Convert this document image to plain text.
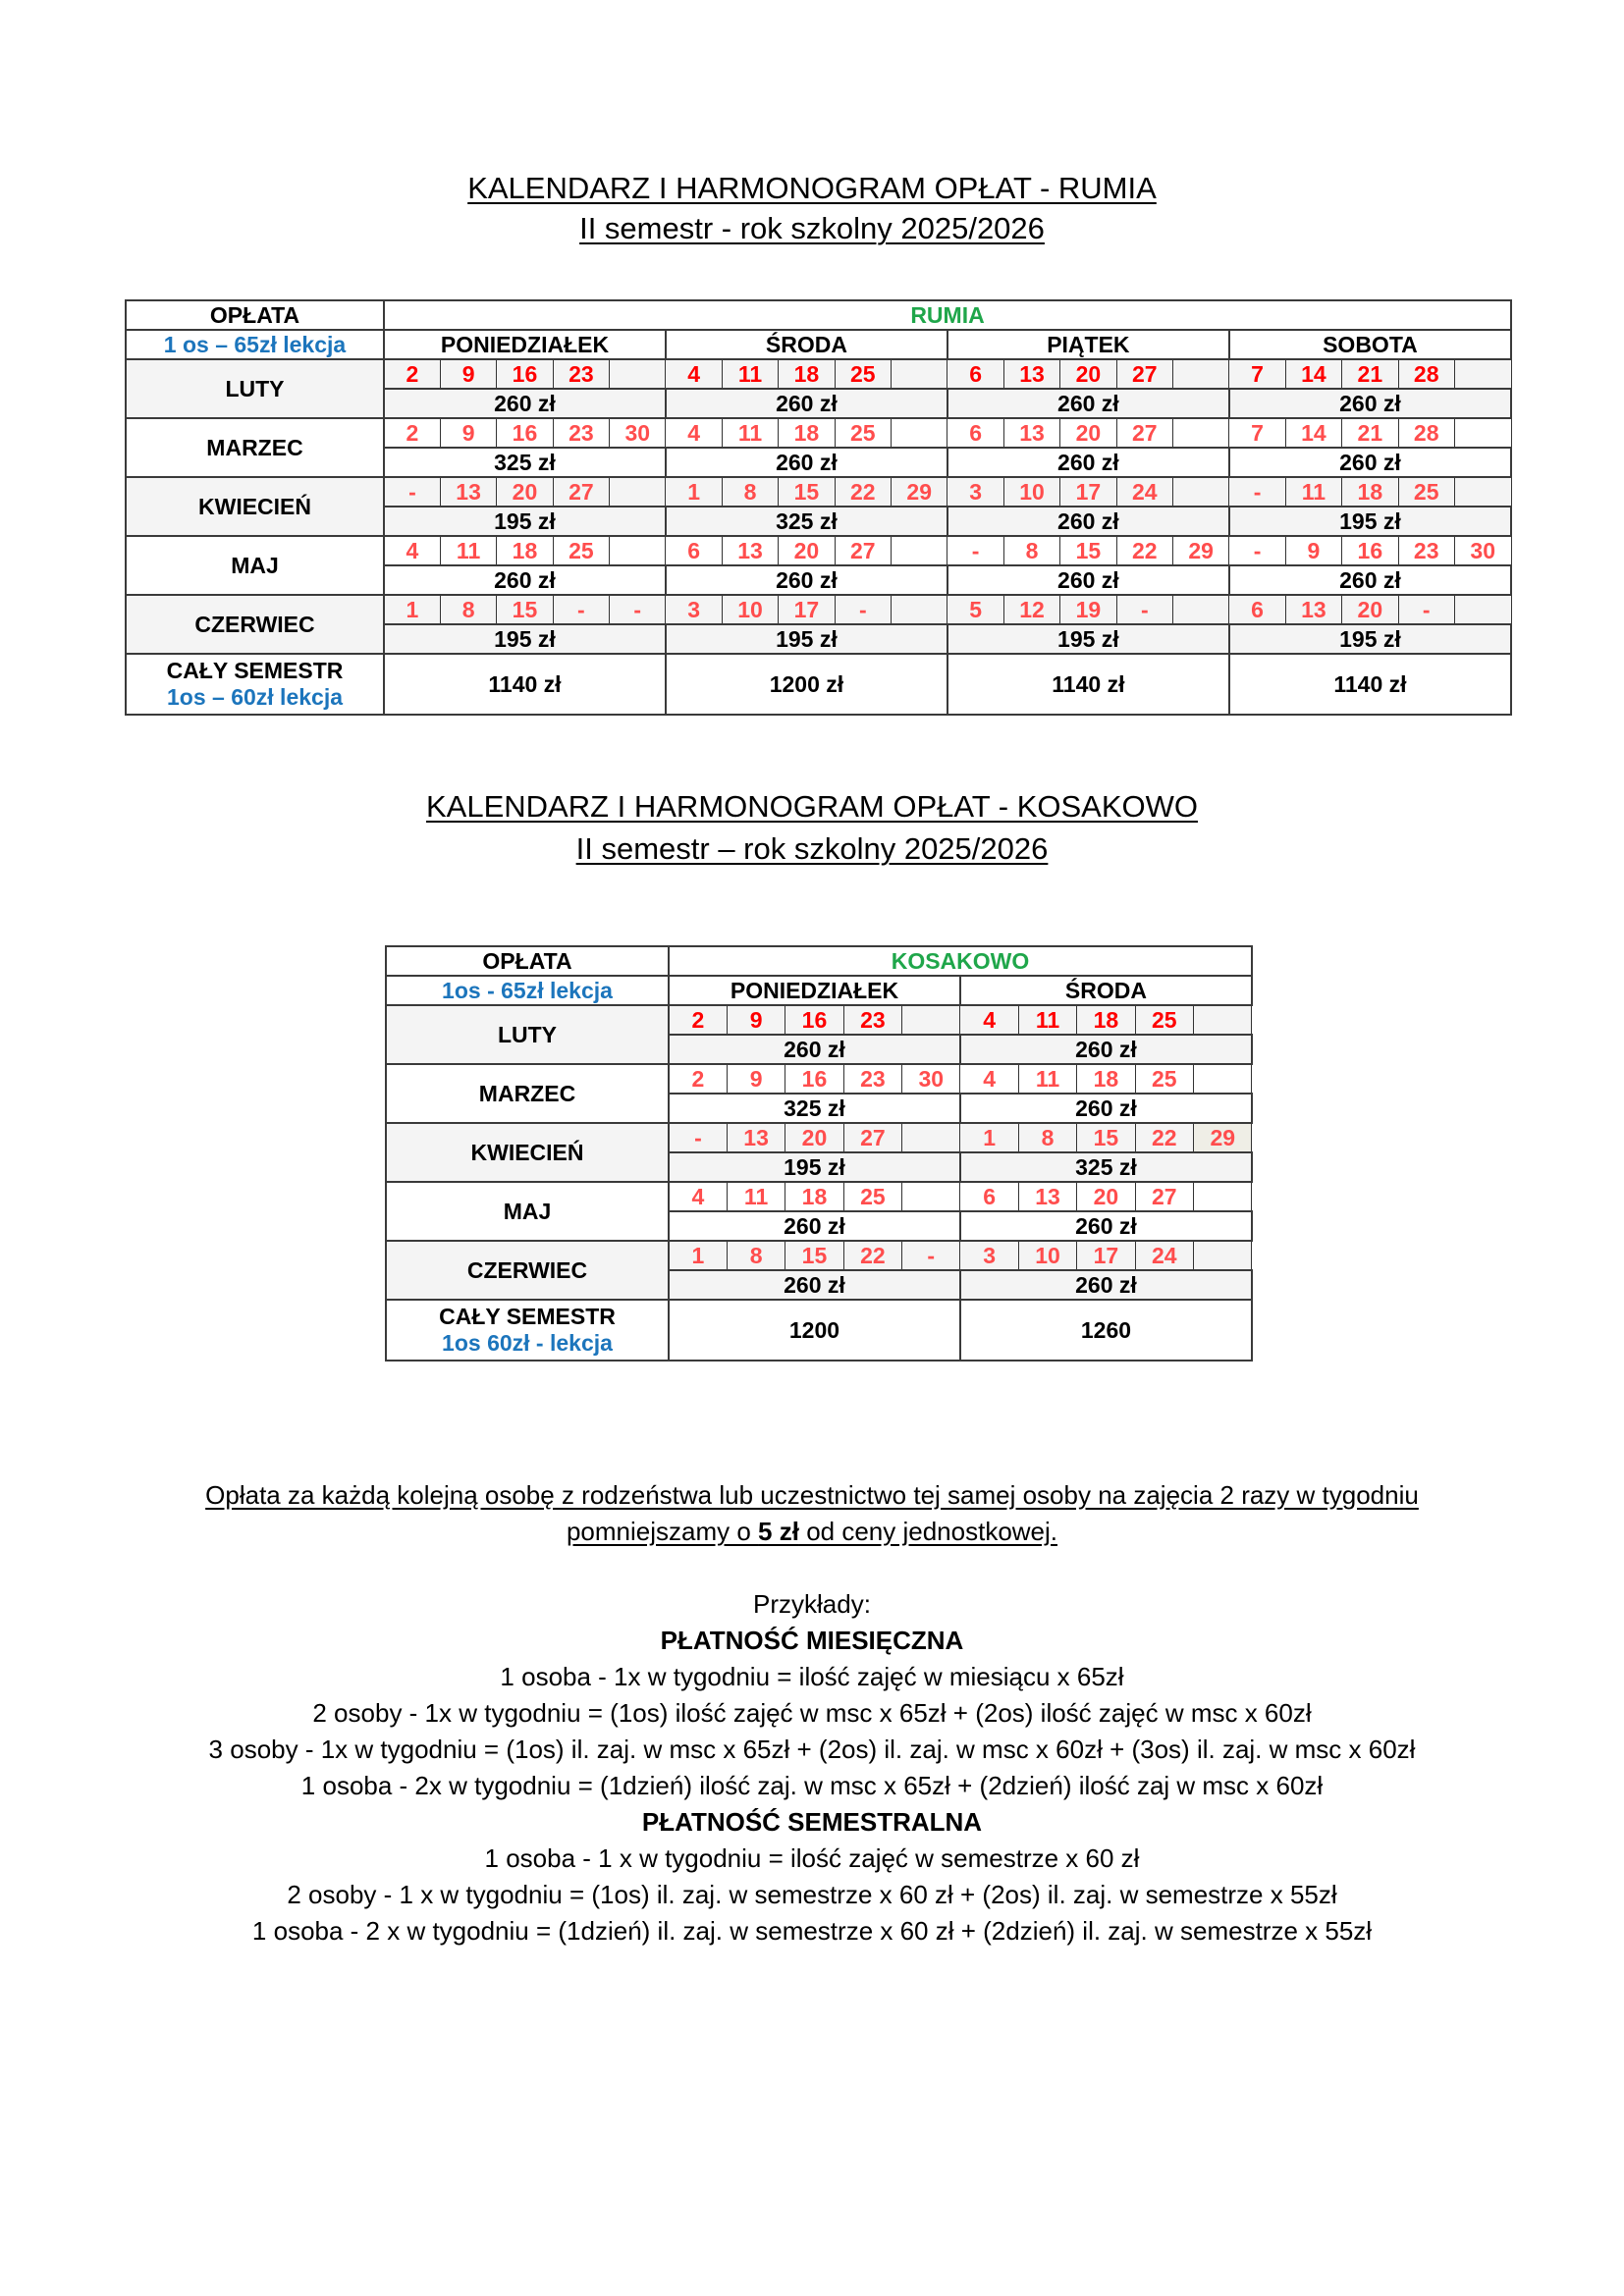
KALENDARZ I HARMONOGRAM OPŁAT - RUMIA
II semestr - rok szkolny 2025/2026
OPŁATA	RUMIA																			
1 os – 65zł lekcja	PONIEDZIAŁEK					ŚRODA					PIĄTEK					SOBOTA				
LUTY	2	9	16	23		4	11	18	25		6	13	20	27		7	14	21	28	
	260 zł					260 zł					260 zł					260 zł				
MARZEC	2	9	16	23	30	4	11	18	25		6	13	20	27		7	14	21	28	
	325 zł					260 zł					260 zł					260 zł				
KWIECIEŃ	-	13	20	27		1	8	15	22	29	3	10	17	24		-	11	18	25	
	195 zł					325 zł					260 zł					195 zł				
MAJ	4	11	18	25		6	13	20	27		-	8	15	22	29	-	9	16	23	30
	260 zł					260 zł					260 zł					260 zł				
CZERWIEC	1	8	15	-	-	3	10	17	-		5	12	19	-		6	13	20	-	
	195 zł					195 zł					195 zł					195 zł				

CAŁY SEMESTR
1os – 60zł lekcja	1140 zł					1200 zł					1140 zł					1140 zł				
KALENDARZ I HARMONOGRAM OPŁAT - KOSAKOWO
II semestr – rok szkolny 2025/2026
OPŁATA	KOSAKOWO									
1os - 65zł lekcja	PONIEDZIAŁEK					ŚRODA				
LUTY	2	9	16	23		4	11	18	25	
	260 zł					260 zł				
MARZEC	2	9	16	23	30	4	11	18	25	
	325 zł					260 zł				
KWIECIEŃ	-	13	20	27		1	8	15	22	29
	195 zł					325 zł				
MAJ	4	11	18	25		6	13	20	27	
	260 zł					260 zł				
CZERWIEC	1	8	15	22	-	3	10	17	24	
	260 zł					260 zł				

CAŁY SEMESTR
1os 60zł - lekcja	1200					1260				

Opłata za każdą kolejną osobę z rodzeństwa lub uczestnictwo tej samej osoby na zajęcia 2 razy w tygodniu

pomniejszamy o 5 zł od ceny jednostkowej.

Przykłady:

PŁATNOŚĆ MIESIĘCZNA

1 osoba - 1x w tygodniu = ilość zajęć w miesiącu x 65zł

2 osoby - 1x w tygodniu = (1os) ilość zajęć w msc x 65zł + (2os) ilość zajęć w msc x 60zł

3 osoby - 1x w tygodniu = (1os) il. zaj. w msc x 65zł + (2os) il. zaj. w msc x 60zł + (3os) il. zaj. w msc x 60zł

1 osoba - 2x w tygodniu = (1dzień) ilość zaj. w msc x 65zł + (2dzień) ilość zaj w msc x 60zł

PŁATNOŚĆ SEMESTRALNA

1 osoba - 1 x w tygodniu = ilość zajęć w semestrze x 60 zł

2 osoby - 1 x w tygodniu = (1os) il. zaj. w semestrze x 60 zł + (2os) il. zaj. w semestrze x 55zł

1 osoba - 2 x w tygodniu = (1dzień) il. zaj. w semestrze x 60 zł + (2dzień) il. zaj. w semestrze x 55zł
